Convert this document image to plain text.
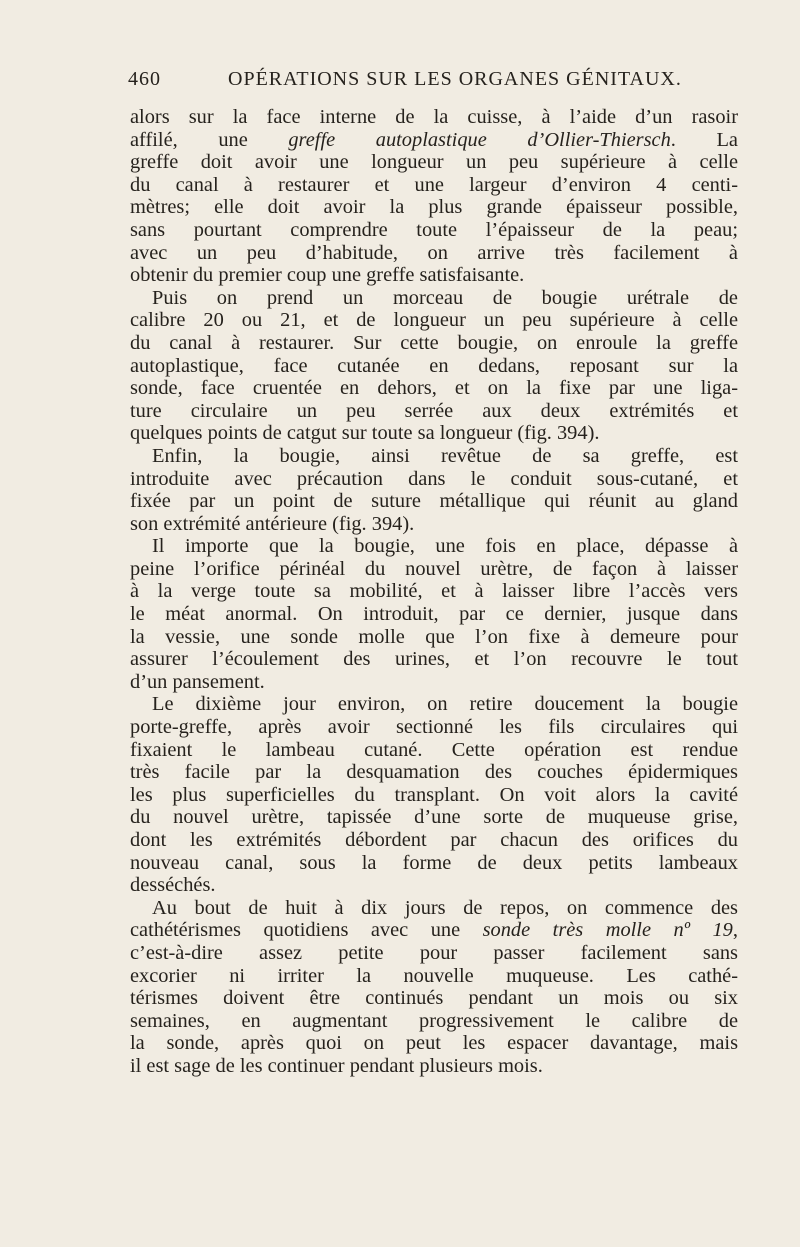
460	OPÉRATIONS SUR LES ORGANES GÉNITAUX.
alors sur la face interne de la cuisse, à l’aide d’un rasoir
affilé, une greffe autoplastique d’Ollier-Thiersch. La
greffe doit avoir une longueur un peu supérieure à celle
du canal à restaurer et une largeur d’environ 4 centi-
mètres; elle doit avoir la plus grande épaisseur possible,
sans pourtant comprendre toute l’épaisseur de la peau;
avec un peu d’habitude, on arrive très facilement à
obtenir du premier coup une greffe satisfaisante.
Puis on prend un morceau de bougie urétrale de
calibre 20 ou 21, et de longueur un peu supérieure à celle
du canal à restaurer. Sur cette bougie, on enroule la greffe
autoplastique, face cutanée en dedans, reposant sur la
sonde, face cruentée en dehors, et on la fixe par une liga-
ture circulaire un peu serrée aux deux extrémités et
quelques points de catgut sur toute sa longueur (fig. 394).
Enfin, la bougie, ainsi revêtue de sa greffe, est
introduite avec précaution dans le conduit sous-cutané, et
fixée par un point de suture métallique qui réunit au gland
son extrémité antérieure (fig. 394).
Il importe que la bougie, une fois en place, dépasse à
peine l’orifice périnéal du nouvel urètre, de façon à laisser
à la verge toute sa mobilité, et à laisser libre l’accès vers
le méat anormal. On introduit, par ce dernier, jusque dans
la vessie, une sonde molle que l’on fixe à demeure pour
assurer l’écoulement des urines, et l’on recouvre le tout
d’un pansement.
Le dixième jour environ, on retire doucement la bougie
porte-greffe, après avoir sectionné les fils circulaires qui
fixaient le lambeau cutané. Cette opération est rendue
très facile par la desquamation des couches épidermiques
les plus superficielles du transplant. On voit alors la cavité
du nouvel urètre, tapissée d’une sorte de muqueuse grise,
dont les extrémités débordent par chacun des orifices du
nouveau canal, sous la forme de deux petits lambeaux
desséchés.
Au bout de huit à dix jours de repos, on commence des
cathétérismes quotidiens avec une sonde très molle nº 19,
c’est-à-dire assez petite pour passer facilement sans
excorier ni irriter la nouvelle muqueuse. Les cathé-
térismes doivent être continués pendant un mois ou six
semaines, en augmentant progressivement le calibre de
la sonde, après quoi on peut les espacer davantage, mais
il est sage de les continuer pendant plusieurs mois.
